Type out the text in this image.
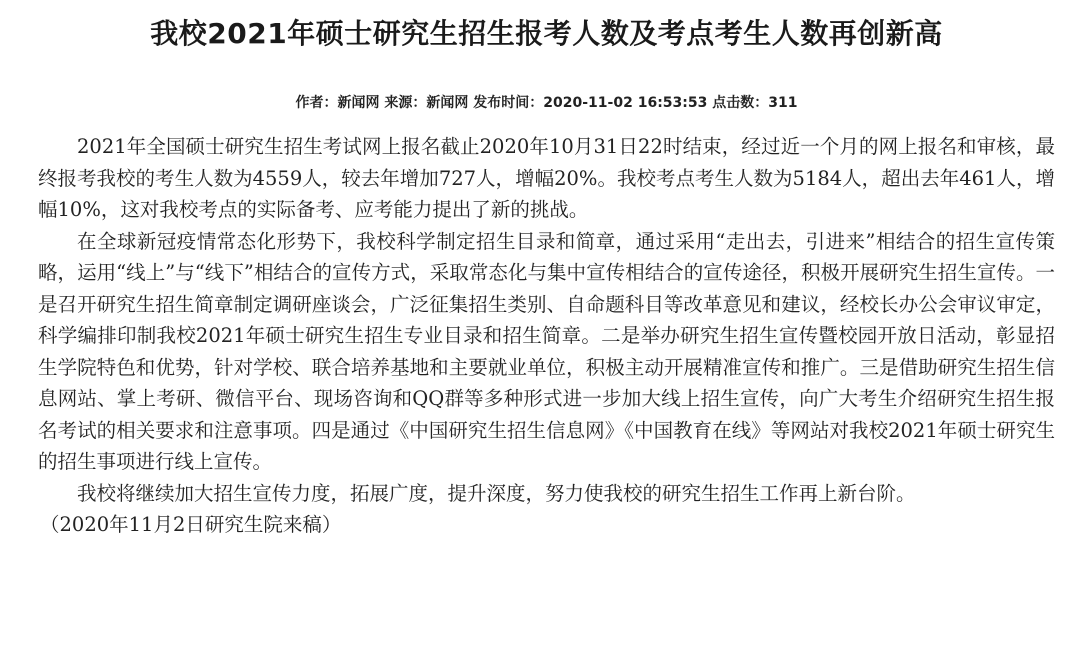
我校2021年硕士研究生招生报考人数及考点考生人数再创新高
作者：新闻网 来源：新闻网 发布时间：2020-11-02 16:53:53 点击数：311

2021年全国硕士研究生招生考试网上报名截止2020年10月31日22时结束，经过近一个月的网上报名和审核，最终报考我校的考生人数为4559人，较去年增加727人，增幅20%。我校考点考生人数为5184人，超出去年461人，增幅10%，这对我校考点的实际备考、应考能力提出了新的挑战。

在全球新冠疫情常态化形势下，我校科学制定招生目录和简章，通过采用“走出去，引进来”相结合的招生宣传策略，运用“线上”与“线下”相结合的宣传方式，采取常态化与集中宣传相结合的宣传途径，积极开展研究生招生宣传。一是召开研究生招生简章制定调研座谈会，广泛征集招生类别、自命题科目等改革意见和建议，经校长办公会审议审定，科学编排印制我校2021年硕士研究生招生专业目录和招生简章。二是举办研究生招生宣传暨校园开放日活动，彰显招生学院特色和优势，针对学校、联合培养基地和主要就业单位，积极主动开展精准宣传和推广。三是借助研究生招生信息网站、掌上考研、微信平台、现场咨询和QQ群等多种形式进一步加大线上招生宣传，向广大考生介绍研究生招生报名考试的相关要求和注意事项。四是通过《中国研究生招生信息网》《中国教育在线》等网站对我校2021年硕士研究生的招生事项进行线上宣传。

我校将继续加大招生宣传力度，拓展广度，提升深度，努力使我校的研究生招生工作再上新台阶。

（2020年11月2日研究生院来稿）
